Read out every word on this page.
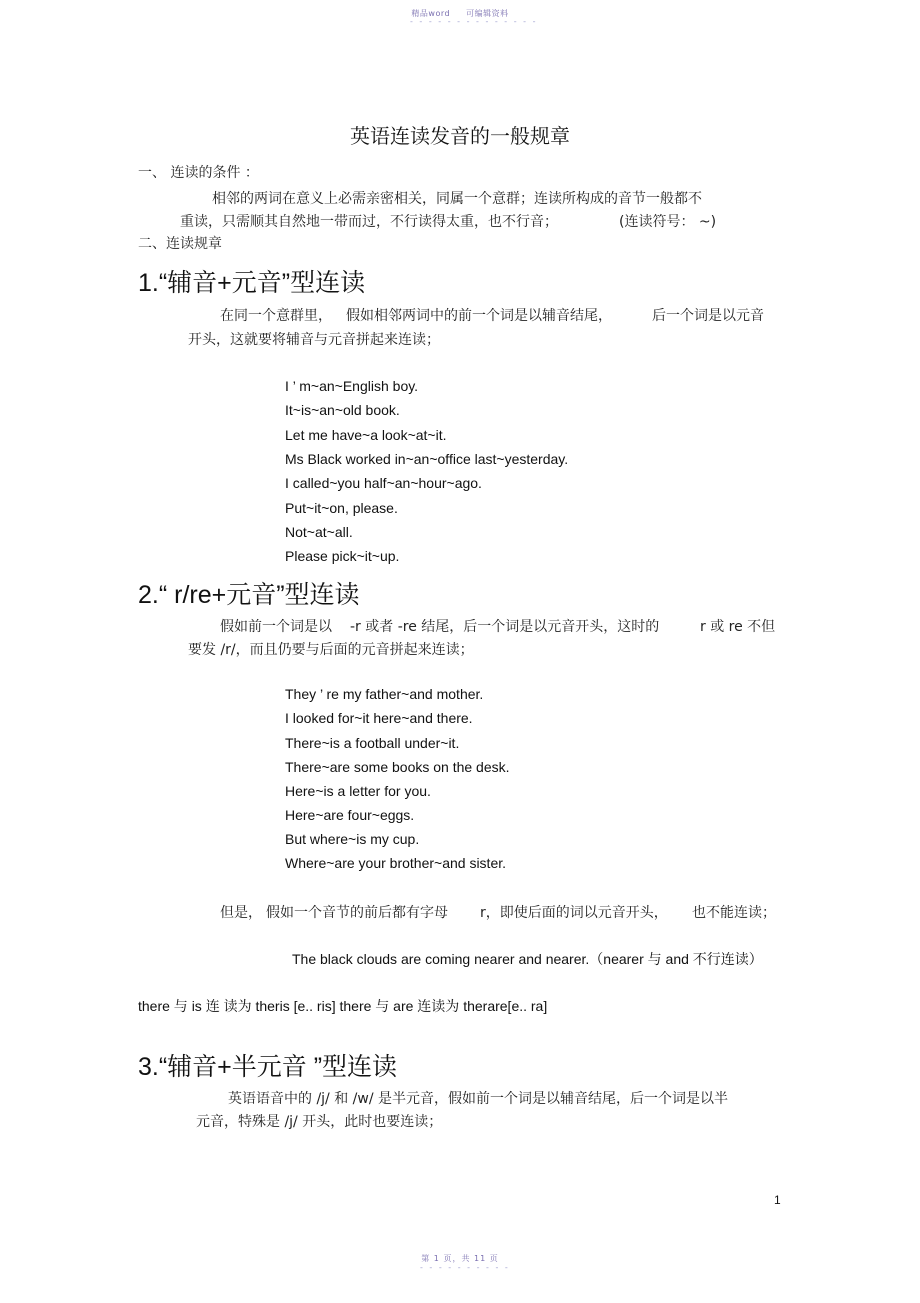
精品word 可编辑资料
- - - - - - - - - - - - - -
英语连读发音的一般规章
一、 连读的条件 ：
相邻的两词在意义上必需亲密相关，同属一个意群；连读所构成的音节一般都不
重读，只需顺其自然地一带而过，不行读得太重，也不行音；	(连读符号： ~)
二、连读规章
1.“辅音+元音”型连读
在同一个意群里， 假如相邻两词中的前一个词是以辅音结尾，	后一个词是以元音
开头，这就要将辅音与元音拼起来连读；
I ’ m~an~English boy.
It~is~an~old book.
Let me have~a look~at~it.
Ms Black worked in~an~office last~yesterday.
I called~you half~an~hour~ago.
Put~it~on, please.
Not~at~all.
Please pick~it~up.
2.“ r/re+元音”型连读
假如前一个词是以 -r 或者 -re 结尾，后一个词是以元音开头，这时的	r 或 re 不但
要发 /r/，而且仍要与后面的元音拼起来连读；
They ’ re my father~and mother.
I looked for~it here~and there.
There~is a football under~it.
There~are some books on the desk.
Here~is a letter for you.
Here~are four~eggs.
But where~is my cup.
Where~are your brother~and sister.
但是， 假如一个音节的前后都有字母 r，即使后面的词以元音开头， 也不能连读；
The black clouds are coming nearer and nearer.（nearer 与 and 不行连读）
there 与 is 连 读为 theris [e.. ris] there 与 are 连读为 therare[e.. ra]
3.“辅音+半元音 ”型连读
英语语音中的 /j/ 和 /w/ 是半元音，假如前一个词是以辅音结尾，后一个词是以半
元音，特殊是 /j/ 开头，此时也要连读；
1
第 1 页，共 11 页
- - - - - - - - - -
